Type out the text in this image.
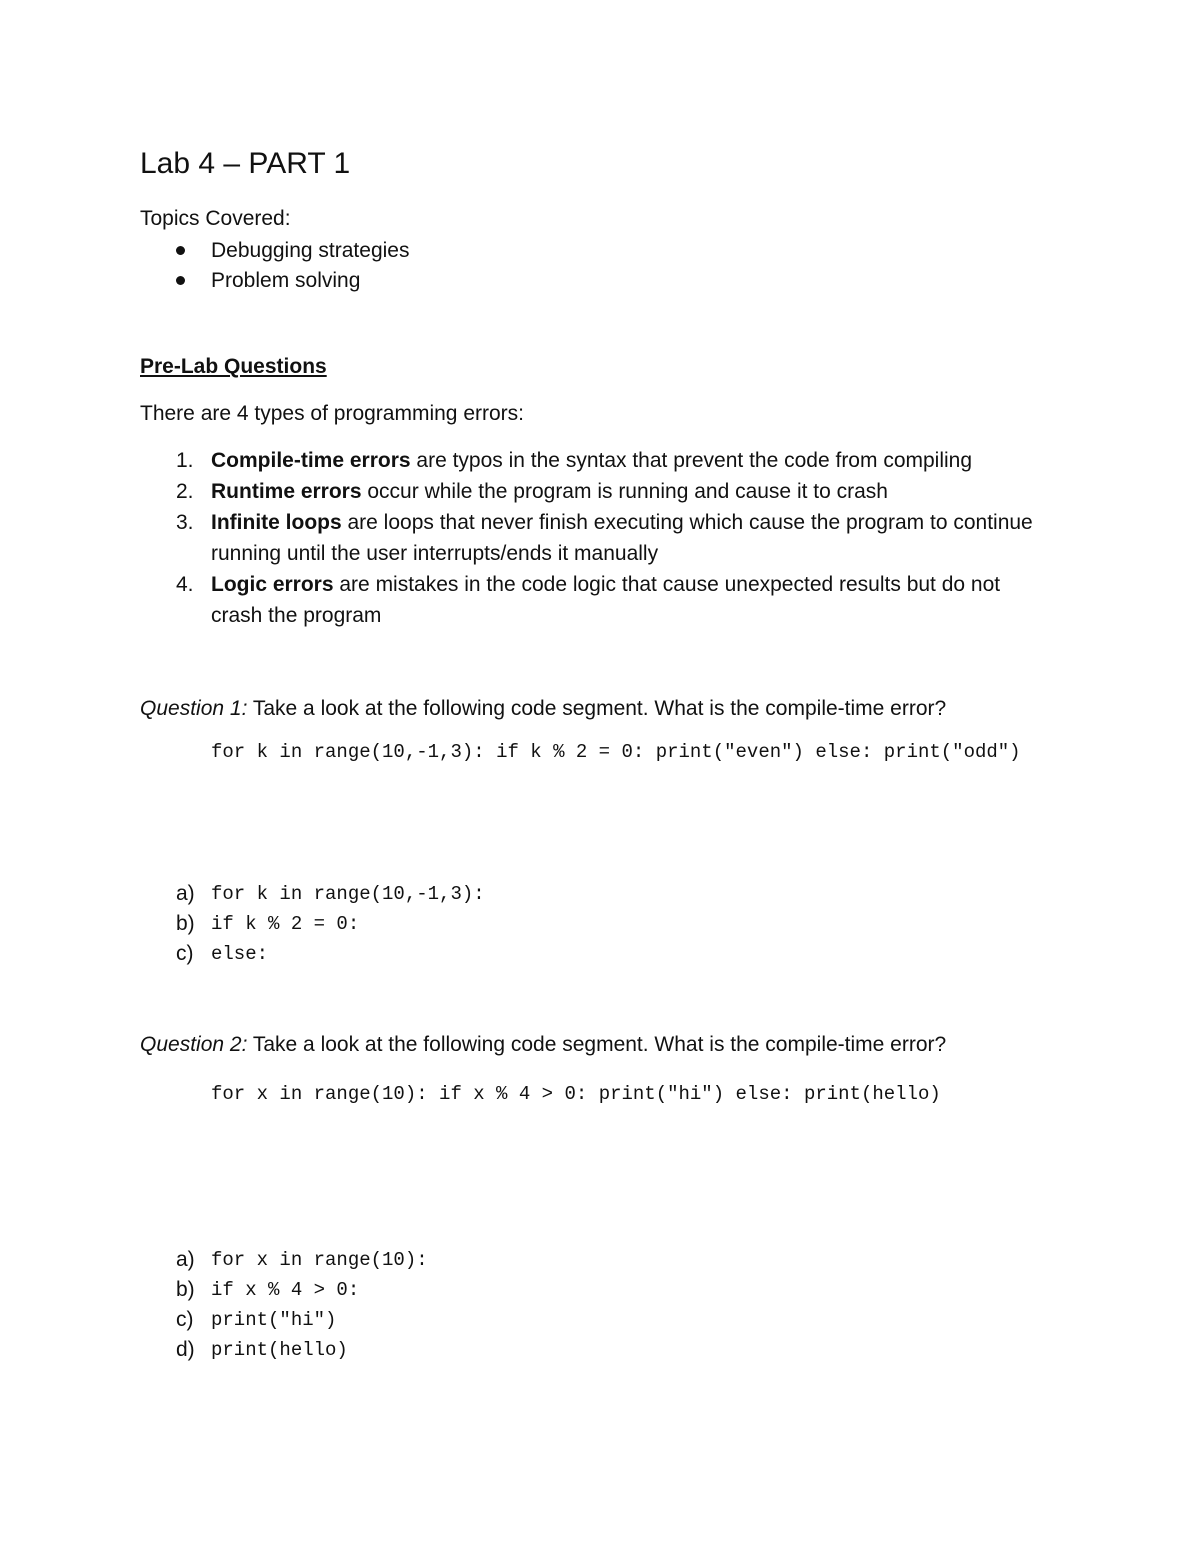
Lab 4 – PART 1
Topics Covered:
Debugging strategies
Problem solving
Pre-Lab Questions
There are 4 types of programming errors:
1. Compile-time errors are typos in the syntax that prevent the code from compiling
2. Runtime errors occur while the program is running and cause it to crash
3. Infinite loops are loops that never finish executing which cause the program to continue
running until the user interrupts/ends it manually
4. Logic errors are mistakes in the code logic that cause unexpected results but do not
crash the program
Question 1: Take a look at the following code segment. What is the compile-time error?
for k in range(10,-1,3): if k % 2 = 0: print("even") else: print("odd")
a) for k in range(10,-1,3):
b) if k % 2 = 0:
c) else:
Question 2: Take a look at the following code segment. What is the compile-time error?
for x in range(10): if x % 4 > 0: print("hi") else: print(hello)
a) for x in range(10):
b) if x % 4 > 0:
c) print("hi")
d) print(hello)
